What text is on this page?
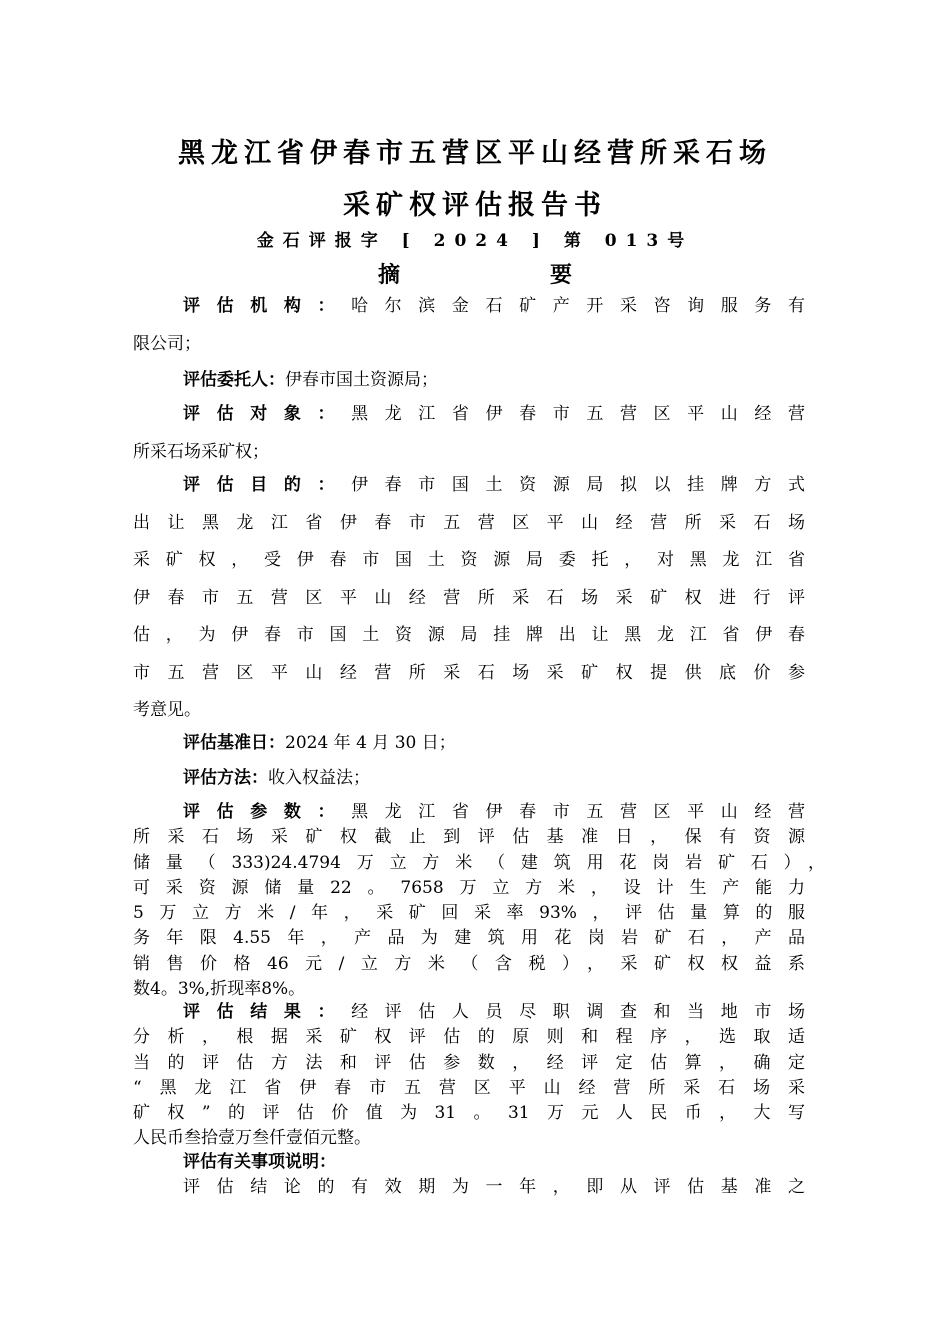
黑龙江省伊春市五营区平山经营所采石场
采矿权评估报告书
金石评报字 [ 2024 ] 第 013号
摘	要
评估机构：哈尔滨金石矿产开采咨询服务有
限公司；
评估委托人：伊春市国土资源局；
评估对象：黑龙江省伊春市五营区平山经营
所采石场采矿权；
评估目的：伊春市国土资源局拟以挂牌方式
出让黑龙江省伊春市五营区平山经营所采石场
采矿权，受伊春市国土资源局委托，对黑龙江省
伊春市五营区平山经营所采石场采矿权进行评
估，为伊春市国土资源局挂牌出让黑龙江省伊春
市五营区平山经营所采石场采矿权提供底价参
考意见。
评估基准日：2024 年 4 月 30 日；
评估方法：收入权益法；
评估参数：黑龙江省伊春市五营区平山经营
所采石场采矿权截止到评估基准日，保有资源
储量（333)24.4794万立方米（建筑用花岗岩矿石），
可采资源储量22。7658万立方米，设计生产能力
5万立方米/年，采矿回采率93%，评估量算的服
务年限4.55年，产品为建筑用花岗岩矿石，产品
销售价格46元/立方米（含税），采矿权权益系
数4。3%,折现率8%。
评估结果：经评估人员尽职调查和当地市场
分析，根据采矿权评估的原则和程序，选取适
当的评估方法和评估参数，经评定估算，确定
“黑龙江省伊春市五营区平山经营所采石场采
矿权”的评估价值为31。31万元人民币，大写
人民币叁拾壹万叁仟壹佰元整。
评估有关事项说明：
评估结论的有效期为一年，即从评估基准之
